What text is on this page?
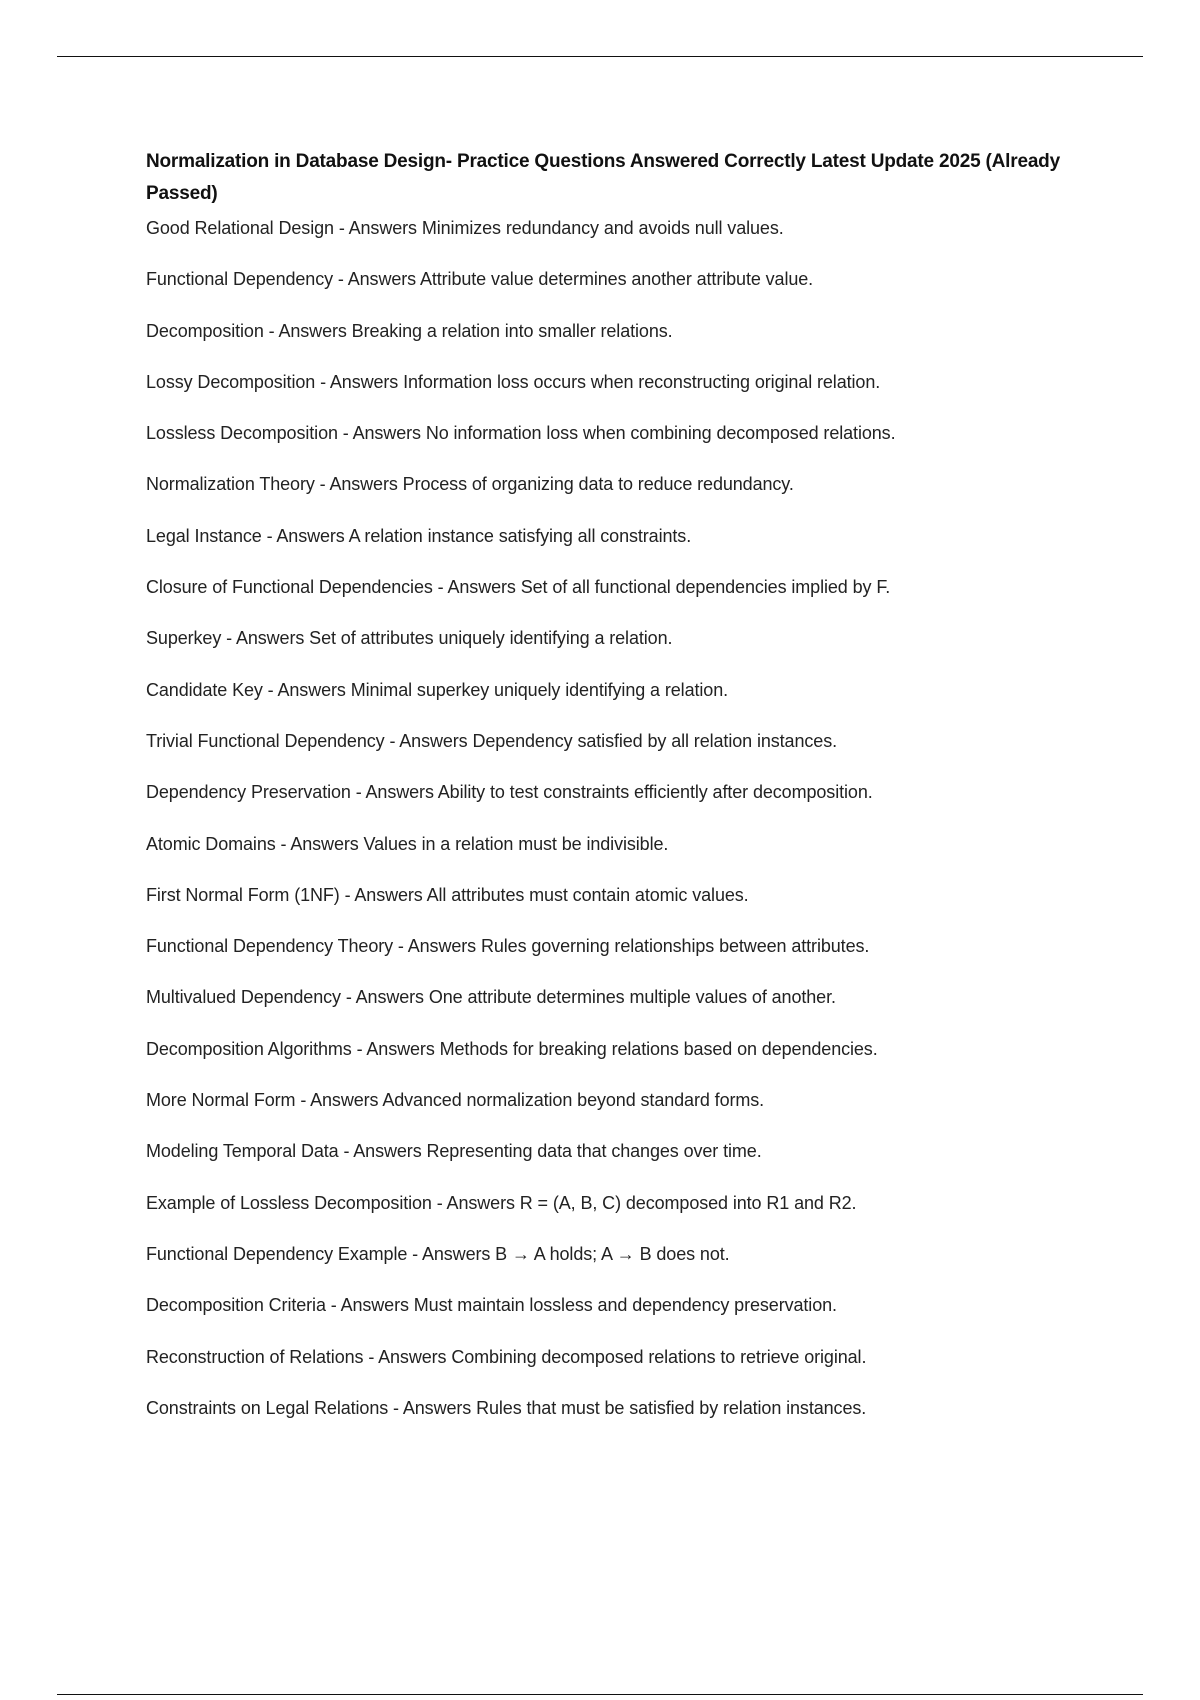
Normalization in Database Design- Practice Questions Answered Correctly Latest Update 2025 (Already Passed)
Good Relational Design - Answers Minimizes redundancy and avoids null values.
Functional Dependency - Answers Attribute value determines another attribute value.
Decomposition - Answers Breaking a relation into smaller relations.
Lossy Decomposition - Answers Information loss occurs when reconstructing original relation.
Lossless Decomposition - Answers No information loss when combining decomposed relations.
Normalization Theory - Answers Process of organizing data to reduce redundancy.
Legal Instance - Answers A relation instance satisfying all constraints.
Closure of Functional Dependencies - Answers Set of all functional dependencies implied by F.
Superkey - Answers Set of attributes uniquely identifying a relation.
Candidate Key - Answers Minimal superkey uniquely identifying a relation.
Trivial Functional Dependency - Answers Dependency satisfied by all relation instances.
Dependency Preservation - Answers Ability to test constraints efficiently after decomposition.
Atomic Domains - Answers Values in a relation must be indivisible.
First Normal Form (1NF) - Answers All attributes must contain atomic values.
Functional Dependency Theory - Answers Rules governing relationships between attributes.
Multivalued Dependency - Answers One attribute determines multiple values of another.
Decomposition Algorithms - Answers Methods for breaking relations based on dependencies.
More Normal Form - Answers Advanced normalization beyond standard forms.
Modeling Temporal Data - Answers Representing data that changes over time.
Example of Lossless Decomposition - Answers R = (A, B, C) decomposed into R1 and R2.
Functional Dependency Example - Answers B → A holds; A → B does not.
Decomposition Criteria - Answers Must maintain lossless and dependency preservation.
Reconstruction of Relations - Answers Combining decomposed relations to retrieve original.
Constraints on Legal Relations - Answers Rules that must be satisfied by relation instances.
